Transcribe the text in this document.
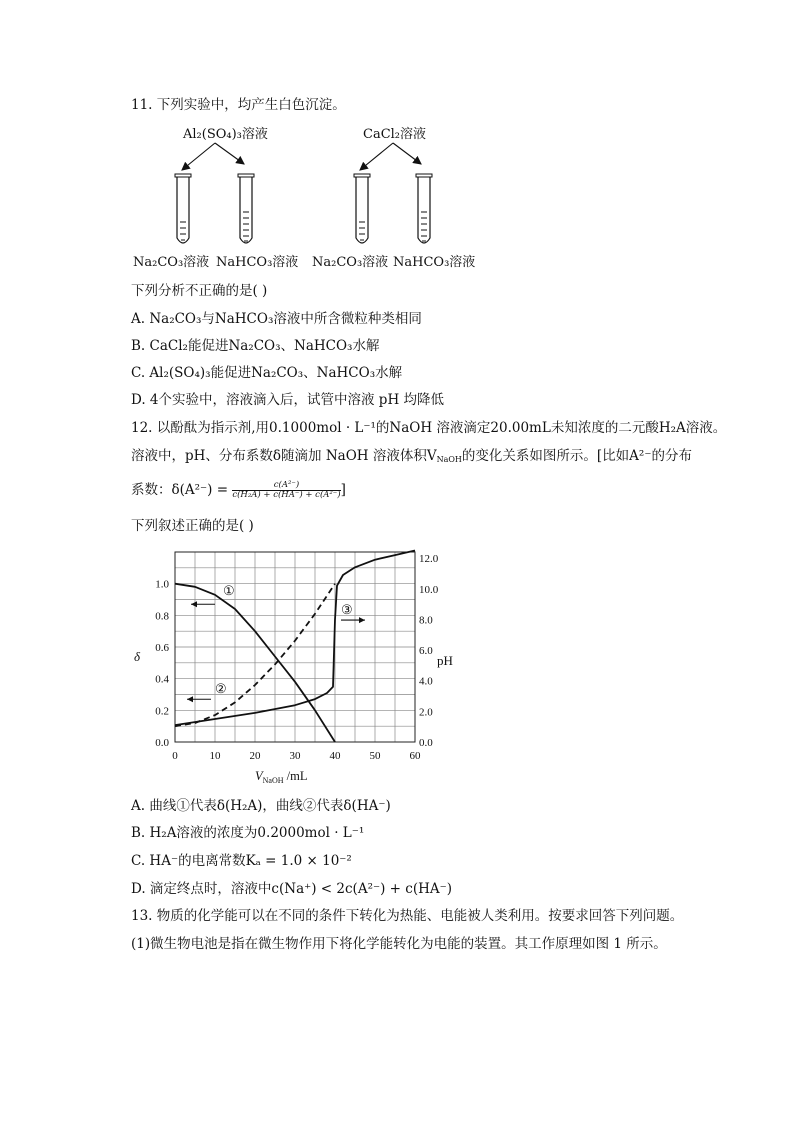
11. 下列实验中，均产生白色沉淀。
Al₂(SO₄)₃溶液	CaCl₂溶液
Na₂CO₃溶液 NaHCO₃溶液 Na₂CO₃溶液 NaHCO₃溶液
下列分析不正确的是( )
A. Na₂CO₃与NaHCO₃溶液中所含微粒种类相同
B. CaCl₂能促进Na₂CO₃、NaHCO₃水解
C. Al₂(SO₄)₃能促进Na₂CO₃、NaHCO₃水解
D. 4个实验中，溶液滴入后，试管中溶液 pH 均降低
12. 以酚酞为指示剂,用0.1000mol · L⁻¹的NaOH 溶液滴定20.00mL未知浓度的二元酸H₂A溶液。
溶液中，pH、分布系数δ随滴加 NaOH 溶液体积$V_{NaOH}$的变化关系如图所示。[比如A²⁻的分布
系数：$\delta(A^{2-}) = \frac{\text{c(A²⁻)}}{\text{c(H₂A) + c(HA⁻) + c(A²⁻)}}$ ]
下列叙述正确的是( )
0	10	20	30	40	50	60
0.0
0.2
0.4
0.6
0.8
1.0
0.0
2.0
4.0
6.0
8.0
10.0
12.0
δ	pH
$V_{NaOH}$ /mL
①
②
③
A. 曲线①代表δ(H₂A)，曲线②代表δ(HA⁻)
B. H₂A溶液的浓度为0.2000mol · L⁻¹
C. HA⁻的电离常数Kₐ = 1.0 × 10⁻²
D. 滴定终点时，溶液中c(Na⁺) < 2c(A²⁻) + c(HA⁻)
13. 物质的化学能可以在不同的条件下转化为热能、电能被人类利用。按要求回答下列问题。
(1)微生物电池是指在微生物作用下将化学能转化为电能的装置。其工作原理如图 1 所示。
